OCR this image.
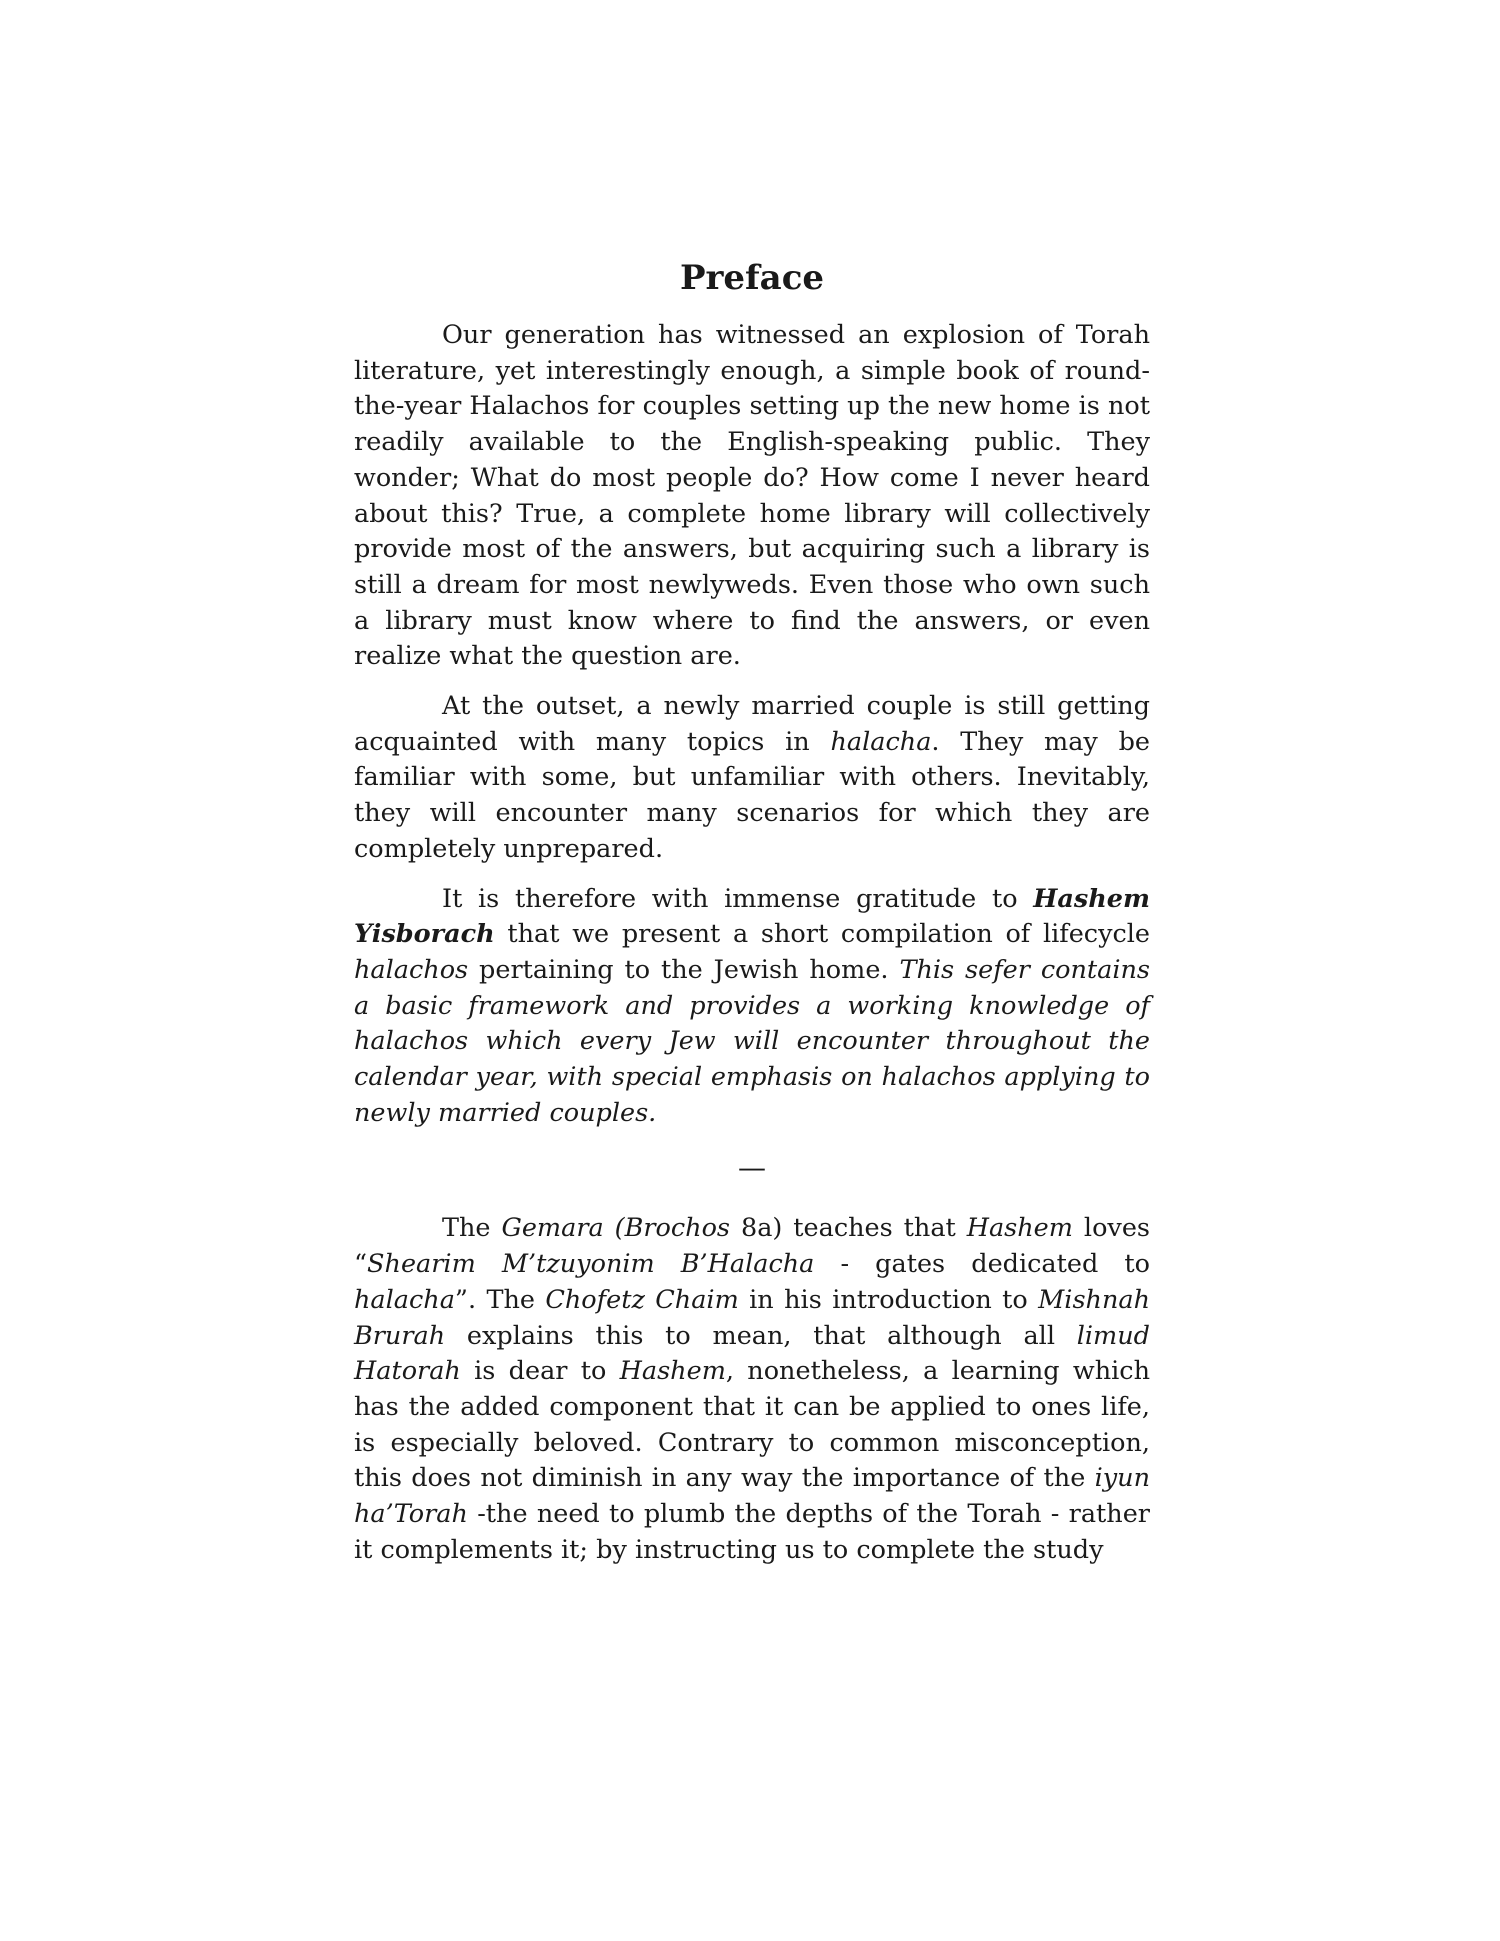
Preface

Our generation has witnessed an explosion of Torah literature, yet interestingly enough, a simple book of round-the-year Halachos for couples setting up the new home is not readily available to the English-speaking public. They wonder; What do most people do? How come I never heard about this? True, a complete home library will collectively provide most of the answers, but acquiring such a library is still a dream for most newlyweds. Even those who own such a library must know where to find the answers, or even realize what the question are.

At the outset, a newly married couple is still getting acquainted with many topics in halacha. They may be familiar with some, but unfamiliar with others. Inevitably, they will encounter many scenarios for which they are completely unprepared.

It is therefore with immense gratitude to Hashem Yisborach that we present a short compilation of lifecycle halachos pertaining to the Jewish home. This sefer contains a basic framework and provides a working knowledge of halachos which every Jew will encounter throughout the calendar year, with special emphasis on halachos applying to newly married couples.

—

The Gemara (Brochos 8a) teaches that Hashem loves “Shearim M’tzuyonim B’Halacha - gates dedicated to halacha”. The Chofetz Chaim in his introduction to Mishnah Brurah explains this to mean, that although all limud Hatorah is dear to Hashem, nonetheless, a learning which has the added component that it can be applied to ones life, is especially beloved. Contrary to common misconception, this does not diminish in any way the importance of the iyun ha’Torah -the need to plumb the depths of the Torah - rather it complements it; by instructing us to complete the study
